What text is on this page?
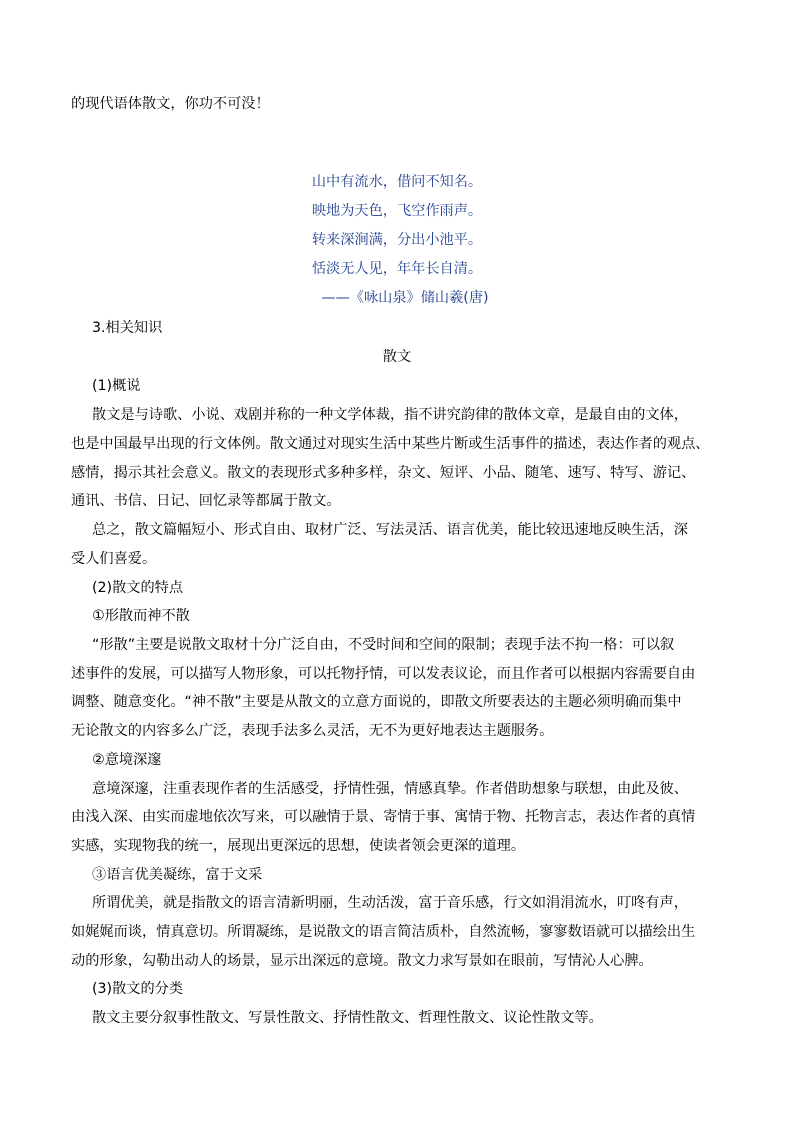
的现代语体散文，你功不可没！
山中有流水，借问不知名。
映地为天色，飞空作雨声。
转来深涧满，分出小池平。
恬淡无人见，年年长自清。
——《咏山泉》储山羲(唐)
3.相关知识
散文
(1)概说
散文是与诗歌、小说、戏剧并称的一种文学体裁，指不讲究韵律的散体文章，是最自由的文体，
也是中国最早出现的行文体例。散文通过对现实生活中某些片断或生活事件的描述，表达作者的观点、
感情，揭示其社会意义。散文的表现形式多种多样，杂文、短评、小品、随笔、速写、特写、游记、
通讯、书信、日记、回忆录等都属于散文。
总之，散文篇幅短小、形式自由、取材广泛、写法灵活、语言优美，能比较迅速地反映生活，深
受人们喜爱。
(2)散文的特点
①形散而神不散
“形散”主要是说散文取材十分广泛自由，不受时间和空间的限制；表现手法不拘一格：可以叙
述事件的发展，可以描写人物形象，可以托物抒情，可以发表议论，而且作者可以根据内容需要自由
调整、随意变化。“神不散”主要是从散文的立意方面说的，即散文所要表达的主题必须明确而集中
无论散文的内容多么广泛，表现手法多么灵活，无不为更好地表达主题服务。
②意境深邃
意境深邃，注重表现作者的生活感受，抒情性强，情感真挚。作者借助想象与联想，由此及彼、
由浅入深、由实而虚地依次写来，可以融情于景、寄情于事、寓情于物、托物言志，表达作者的真情
实感，实现物我的统一，展现出更深远的思想，使读者领会更深的道理。
③语言优美凝练，富于文采
所谓优美，就是指散文的语言清新明丽，生动活泼，富于音乐感，行文如涓涓流水，叮咚有声，
如娓娓而谈，情真意切。所谓凝练，是说散文的语言简洁质朴，自然流畅，寥寥数语就可以描绘出生
动的形象，勾勒出动人的场景，显示出深远的意境。散文力求写景如在眼前，写情沁人心脾。
(3)散文的分类
散文主要分叙事性散文、写景性散文、抒情性散文、哲理性散文、议论性散文等。
